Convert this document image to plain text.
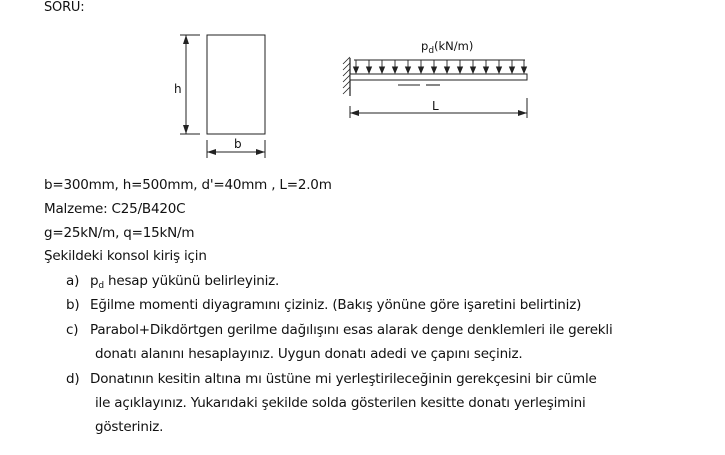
SORU:
h
b
$p_d(kN/m)$
L
b=300mm, h=500mm, d'=40mm , L=2.0m
Malzeme: C25/B420C
g=25kN/m, q=15kN/m
Şekildeki konsol kiriş için
a) $p_d$ hesap yükünü belirleyiniz.
b) Eğilme momenti diyagramını çiziniz. (Bakış yönüne göre işaretini belirtiniz)
c) Parabol+Dikdörtgen gerilme dağılışını esas alarak denge denklemleri ile gerekli
donatı alanını hesaplayınız. Uygun donatı adedi ve çapını seçiniz.
d) Donatının kesitin altına mı üstüne mi yerleştirileceğinin gerekçesini bir cümle
ile açıklayınız. Yukarıdaki şekilde solda gösterilen kesitte donatı yerleşimini
gösteriniz.
